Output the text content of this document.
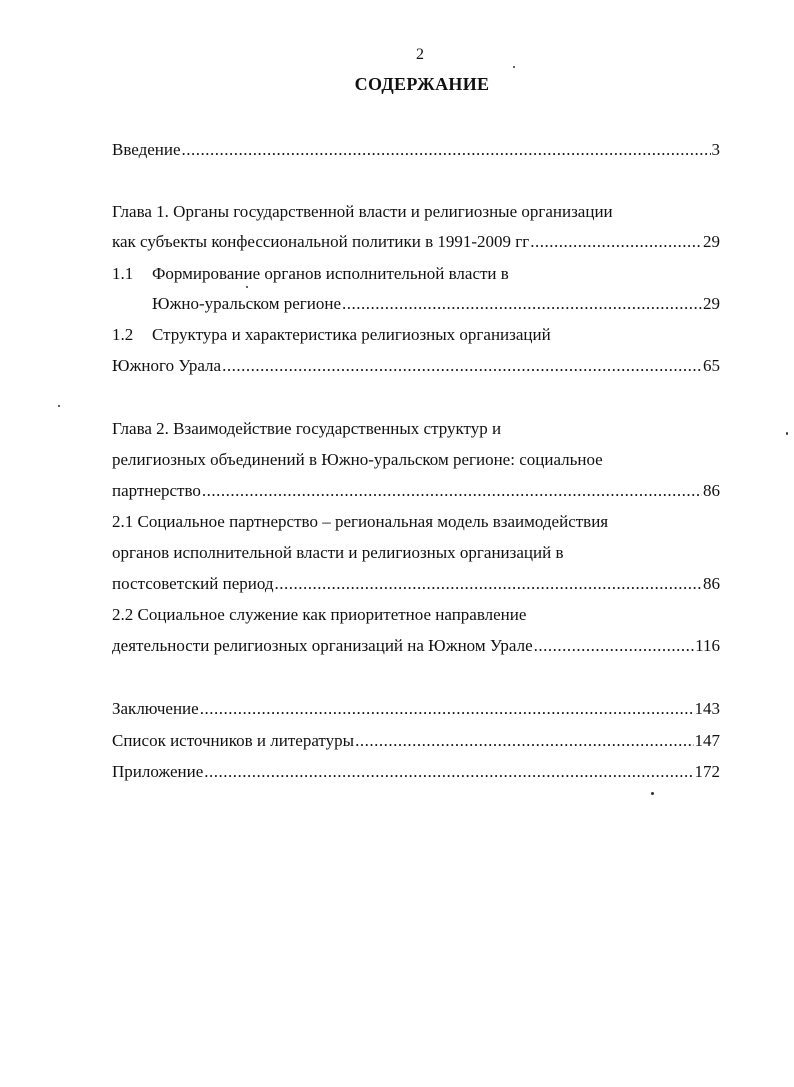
2
СОДЕРЖАНИЕ
Введение .....	3
Глава 1. Органы государственной власти и религиозные организации
как субъекты конфессиональной политики в 1991-2009 гг .....	29
1.1 Формирование органов исполнительной власти в
Южно-уральском регионе .....	29
1.2 Структура и характеристика религиозных организаций
Южного Урала .....	65
Глава 2. Взаимодействие государственных структур и
религиозных объединений в Южно-уральском регионе: социальное
партнерство .....	86
2.1 Социальное партнерство – региональная модель взаимодействия
органов исполнительной власти и религиозных организаций в
постсоветский период .....	86
2.2 Социальное служение как приоритетное направление
деятельности религиозных организаций на Южном Урале .....	116
Заключение .....	143
Список источников и литературы .....	147
Приложение .....	172
